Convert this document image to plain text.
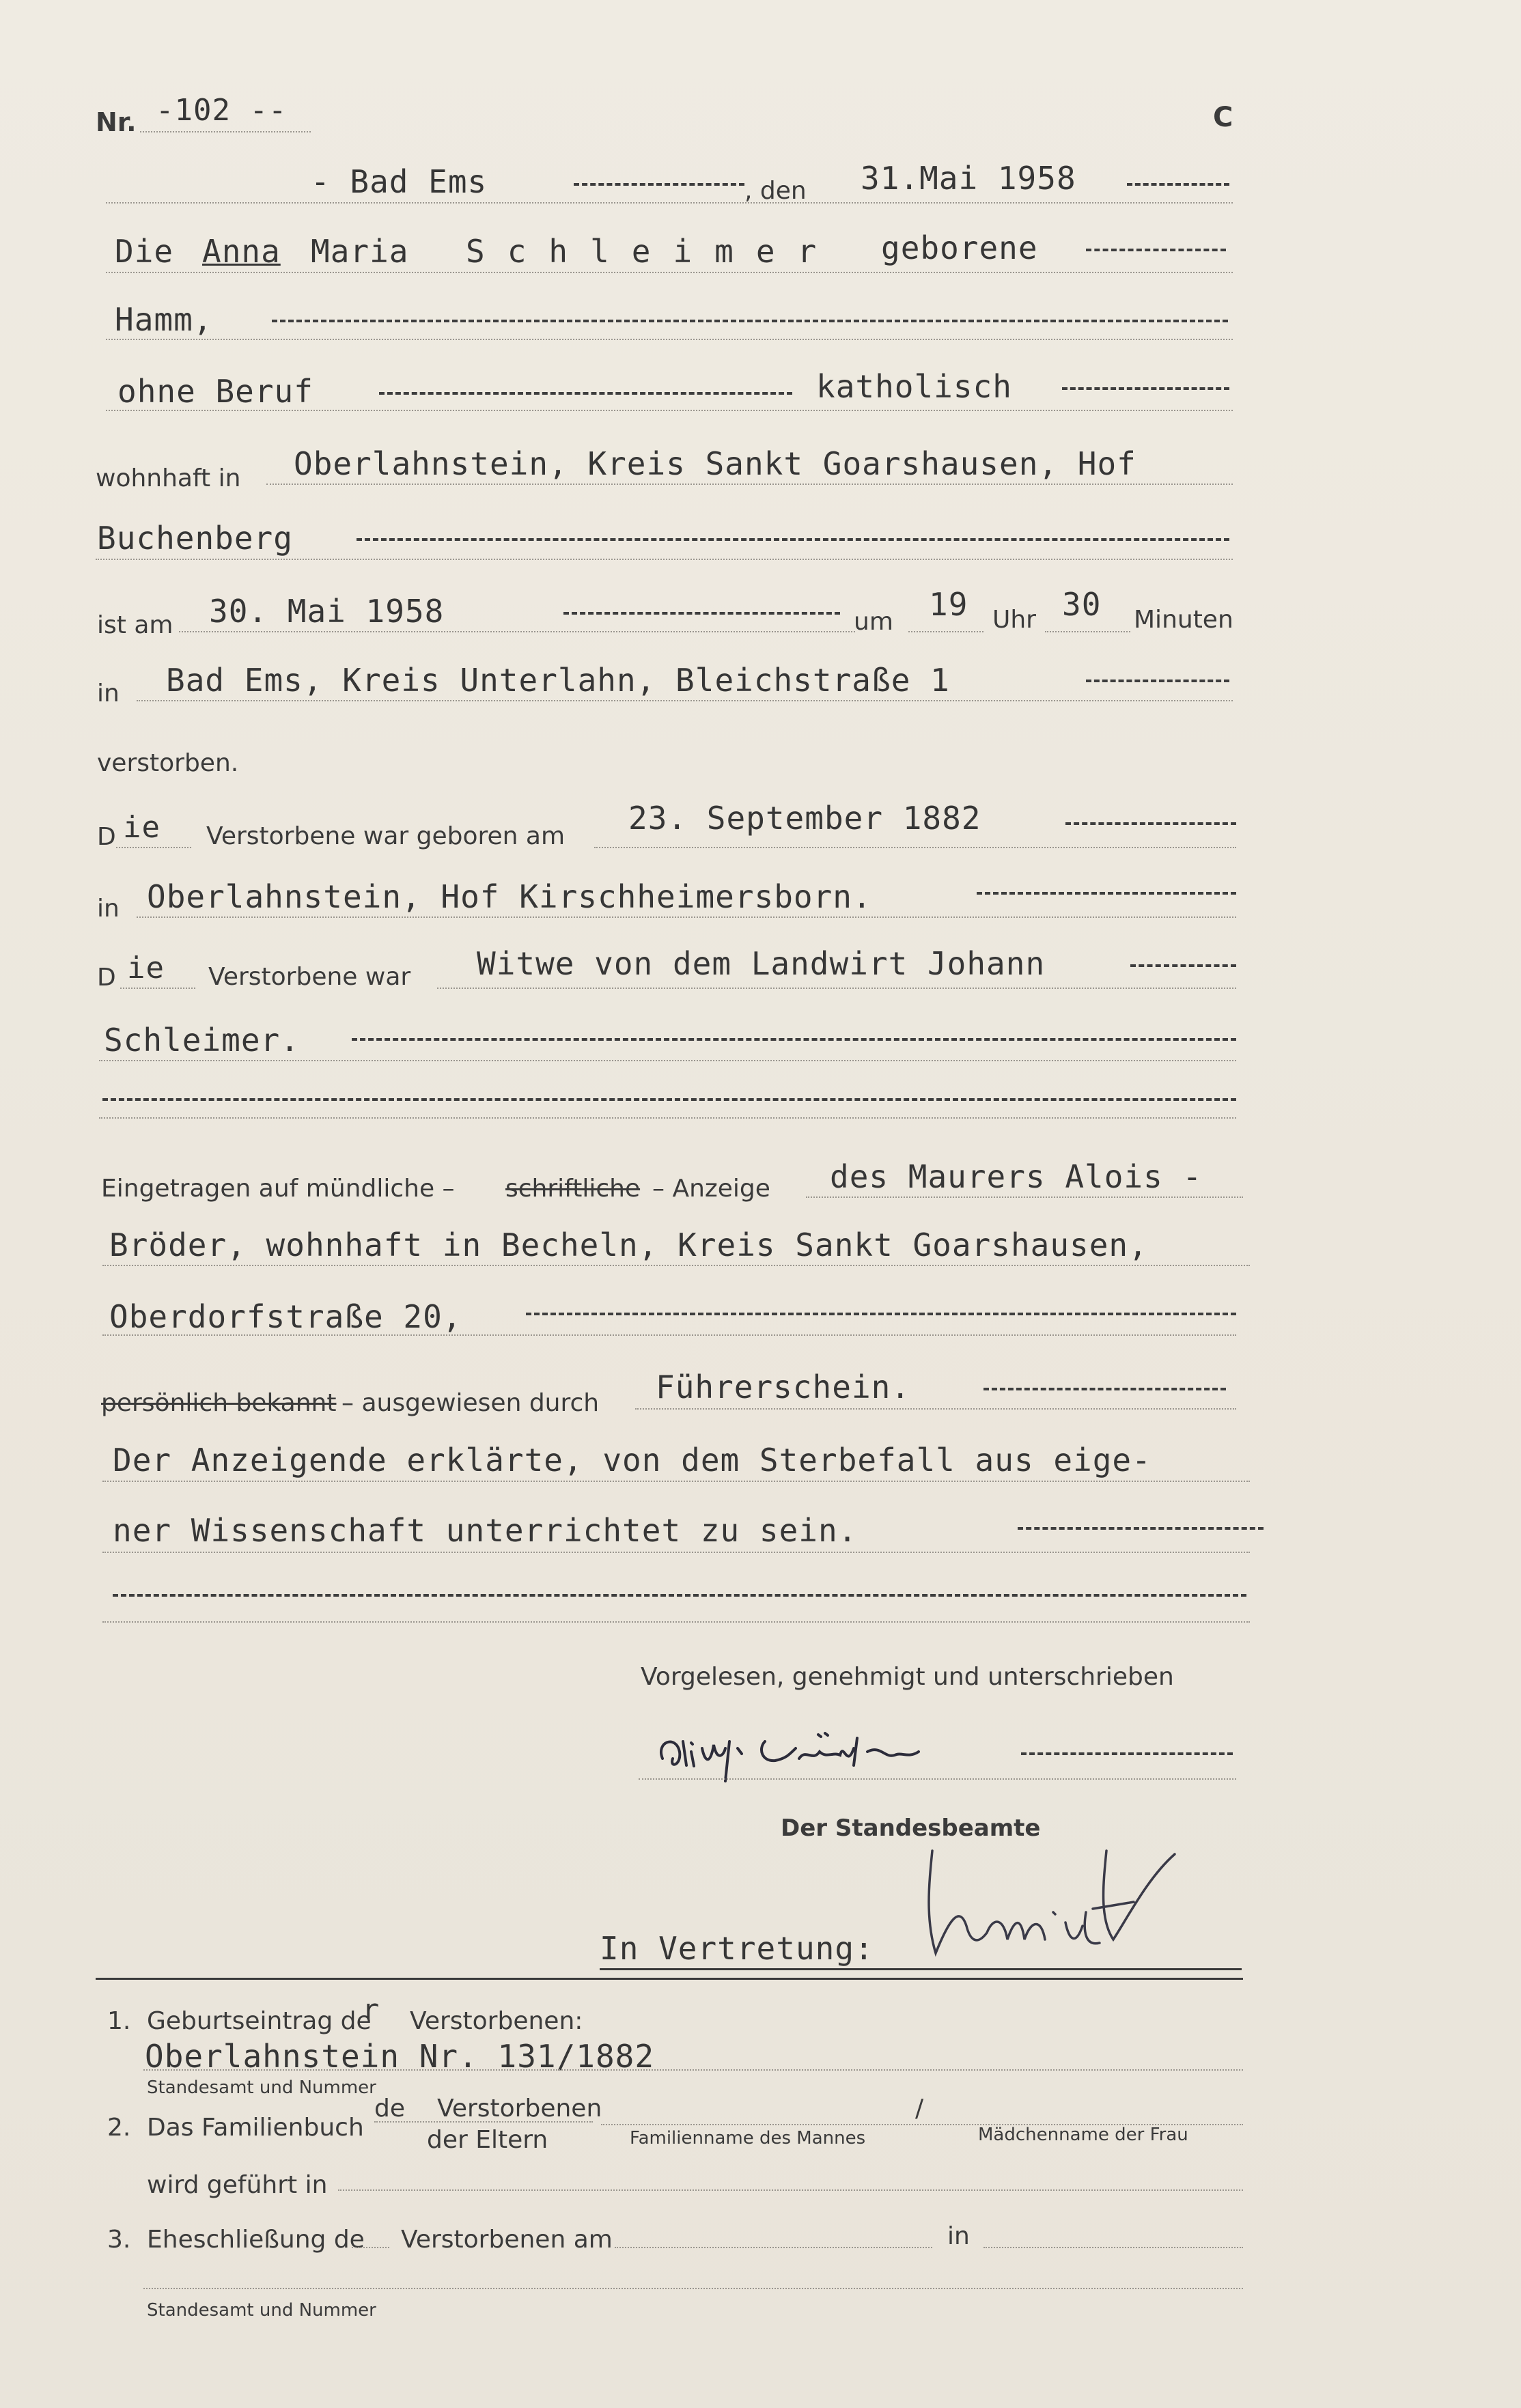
Nr. -102 --	C
- Bad Ems	, den 31.Mai 1958
Die Anna Maria Schleimer geborene
Hamm,
ohne Beruf	katholisch
wohnhaft in Oberlahnstein, Kreis Sankt Goarshausen, Hof
Buchenberg
ist am 30. Mai 1958	um 19 Uhr 30 Minuten
in Bad Ems, Kreis Unterlahn, Bleichstraße 1
verstorben.
D ie Verstorbene war geboren am 23. September 1882
in Oberlahnstein, Hof Kirschheimersborn.
D ie Verstorbene war Witwe von dem Landwirt Johann
Schleimer.
Eingetragen auf mündliche – schriftliche – Anzeige des Maurers Alois -
Bröder, wohnhaft in Becheln, Kreis Sankt Goarshausen,
Oberdorfstraße 20,
persönlich bekannt – ausgewiesen durch Führerschein.
Der Anzeigende erklärte, von dem Sterbefall aus eige-
ner Wissenschaft unterrichtet zu sein.
Vorgelesen, genehmigt und unterschrieben
Der Standesbeamte
In Vertretung:
1. Geburtseintrag de
r Verstorbenen:
Oberlahnstein Nr. 131/1882
Standesamt und Nummer
2. Das Familienbuch
de Verstorbenen
der Eltern
/
Familienname des Mannes	Mädchenname der Frau
wird geführt in
3. Eheschließung de Verstorbenen am	in
Standesamt und Nummer
